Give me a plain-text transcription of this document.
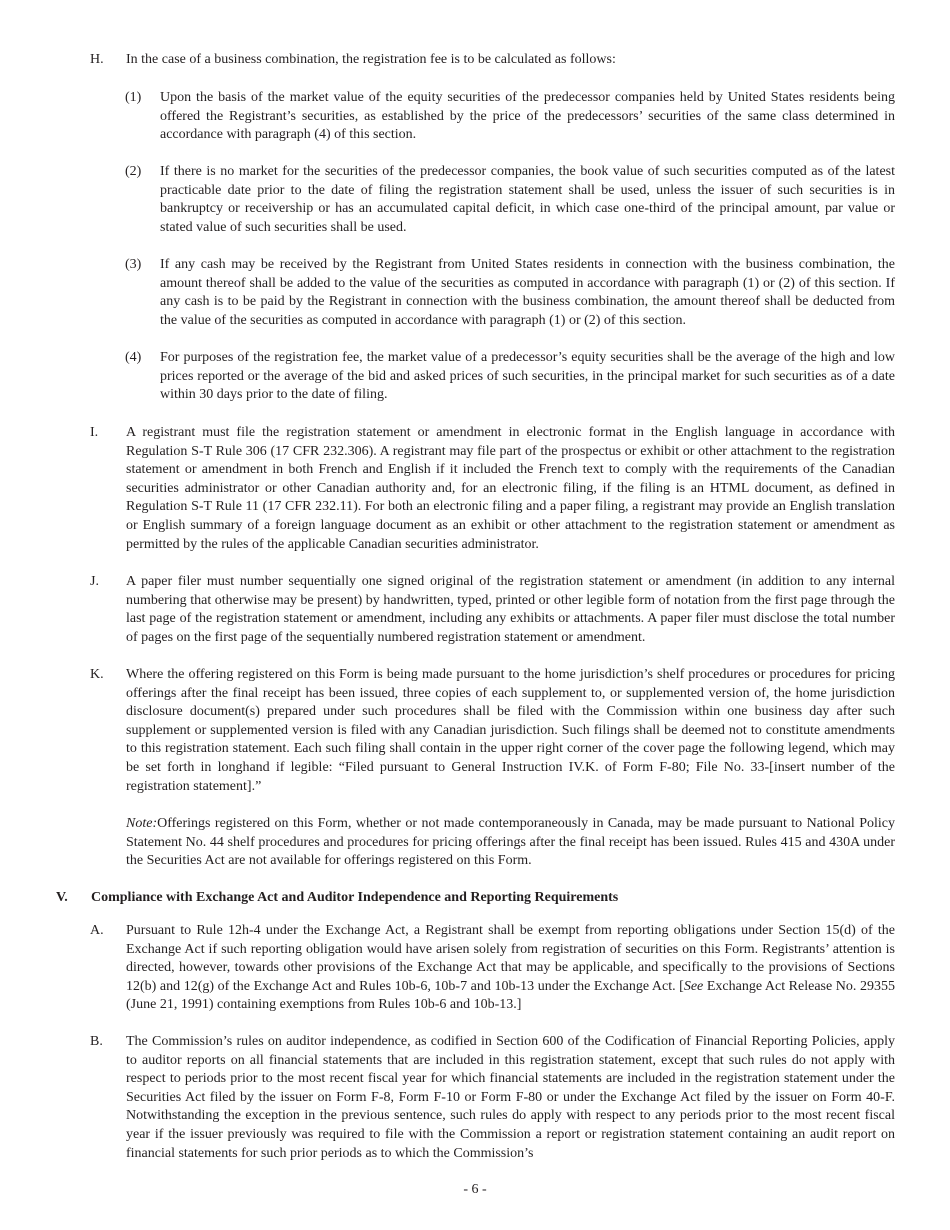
H. In the case of a business combination, the registration fee is to be calculated as follows:

(1) Upon the basis of the market value of the equity securities of the predecessor companies held by United States residents being offered the Registrant’s securities, as established by the price of the predecessors’ securities of the same class determined in accordance with paragraph (4) of this section.

(2) If there is no market for the securities of the predecessor companies, the book value of such securities computed as of the latest practicable date prior to the date of filing the registration statement shall be used, unless the issuer of such securities is in bankruptcy or receivership or has an accumulated capital deficit, in which case one-third of the principal amount, par value or stated value of such securities shall be used.

(3) If any cash may be received by the Registrant from United States residents in connection with the business combination, the amount thereof shall be added to the value of the securities as computed in accordance with paragraph (1) or (2) of this section. If any cash is to be paid by the Registrant in connection with the business combination, the amount thereof shall be deducted from the value of the securities as computed in accordance with paragraph (1) or (2) of this section.

(4) For purposes of the registration fee, the market value of a predecessor’s equity securities shall be the average of the high and low prices reported or the average of the bid and asked prices of such securities, in the principal market for such securities as of a date within 30 days prior to the date of filing.

I. A registrant must file the registration statement or amendment in electronic format in the English language in accordance with Regulation S-T Rule 306 (17 CFR 232.306). A registrant may file part of the prospectus or exhibit or other attachment to the registration statement or amendment in both French and English if it included the French text to comply with the requirements of the Canadian securities administrator or other Canadian authority and, for an electronic filing, if the filing is an HTML document, as defined in Regulation S-T Rule 11 (17 CFR 232.11). For both an electronic filing and a paper filing, a registrant may provide an English translation or English summary of a foreign language document as an exhibit or other attachment to the registration statement or amendment as permitted by the rules of the applicable Canadian securities administrator.

J. A paper filer must number sequentially one signed original of the registration statement or amendment (in addition to any internal numbering that otherwise may be present) by handwritten, typed, printed or other legible form of notation from the first page through the last page of the registration statement or amendment, including any exhibits or attachments. A paper filer must disclose the total number of pages on the first page of the sequentially numbered registration statement or amendment.

K. Where the offering registered on this Form is being made pursuant to the home jurisdiction’s shelf procedures or procedures for pricing offerings after the final receipt has been issued, three copies of each supplement to, or supplemented version of, the home jurisdiction disclosure document(s) prepared under such procedures shall be filed with the Commission within one business day after such supplement or supplemented version is filed with any Canadian jurisdiction. Such filings shall be deemed not to constitute amendments to this registration statement. Each such filing shall contain in the upper right corner of the cover page the following legend, which may be set forth in longhand if legible: “Filed pursuant to General Instruction IV.K. of Form F-80; File No. 33-[insert number of the registration statement].”

Note:Offerings registered on this Form, whether or not made contemporaneously in Canada, may be made pursuant to National Policy Statement No. 44 shelf procedures and procedures for pricing offerings after the final receipt has been issued. Rules 415 and 430A under the Securities Act are not available for offerings registered on this Form.

V. Compliance with Exchange Act and Auditor Independence and Reporting Requirements

A. Pursuant to Rule 12h-4 under the Exchange Act, a Registrant shall be exempt from reporting obligations under Section 15(d) of the Exchange Act if such reporting obligation would have arisen solely from registration of securities on this Form. Registrants’ attention is directed, however, towards other provisions of the Exchange Act that may be applicable, and specifically to the provisions of Sections 12(b) and 12(g) of the Exchange Act and Rules 10b-6, 10b-7 and 10b-13 under the Exchange Act. [See Exchange Act Release No. 29355 (June 21, 1991) containing exemptions from Rules 10b-6 and 10b-13.]

B. The Commission’s rules on auditor independence, as codified in Section 600 of the Codification of Financial Reporting Policies, apply to auditor reports on all financial statements that are included in this registration statement, except that such rules do not apply with respect to periods prior to the most recent fiscal year for which financial statements are included in the registration statement under the Securities Act filed by the issuer on Form F-8, Form F-10 or Form F-80 or under the Exchange Act filed by the issuer on Form 40-F. Notwithstanding the exception in the previous sentence, such rules do apply with respect to any periods prior to the most recent fiscal year if the issuer previously was required to file with the Commission a report or registration statement containing an audit report on financial statements for such prior periods as to which the Commission’s

- 6 -
